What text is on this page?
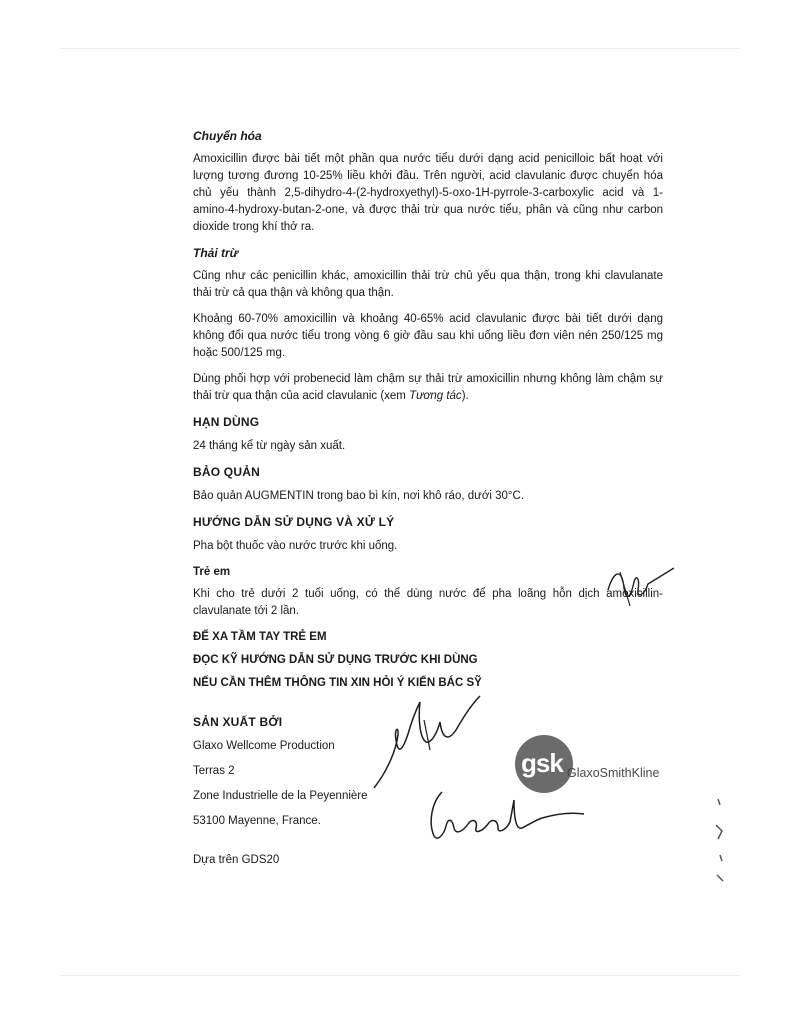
Chuyển hóa

Amoxicillin được bài tiết một phần qua nước tiểu dưới dạng acid penicilloic bất hoạt với lượng tương đương 10-25% liều khởi đầu. Trên người, acid clavulanic được chuyển hóa chủ yếu thành 2,5-dihydro-4-(2-hydroxyethyl)-5-oxo-1H-pyrrole-3-carboxylic acid và 1-amino-4-hydroxy-butan-2-one, và được thải trừ qua nước tiểu, phân và cũng như carbon dioxide trong khí thở ra.

Thải trừ

Cũng như các penicillin khác, amoxicillin thải trừ chủ yếu qua thận, trong khi clavulanate thải trừ cả qua thận và không qua thận.

Khoảng 60-70% amoxicillin và khoảng 40-65% acid clavulanic được bài tiết dưới dạng không đổi qua nước tiểu trong vòng 6 giờ đầu sau khi uống liều đơn viên nén 250/125 mg hoặc 500/125 mg.

Dùng phối hợp với probenecid làm chậm sự thải trừ amoxicillin nhưng không làm chậm sự thải trừ qua thận của acid clavulanic (xem Tương tác).

HẠN DÙNG

24 tháng kể từ ngày sản xuất.

BẢO QUẢN

Bảo quản AUGMENTIN trong bao bì kín, nơi khô ráo, dưới 30°C.

HƯỚNG DẪN SỬ DỤNG VÀ XỬ LÝ

Pha bột thuốc vào nước trước khi uống.

Trẻ em

Khi cho trẻ dưới 2 tuổi uống, có thể dùng nước để pha loãng hỗn dịch amoxicillin-clavulanate tới 2 lần.

ĐỂ XA TẦM TAY TRẺ EM

ĐỌC KỸ HƯỚNG DẪN SỬ DỤNG TRƯỚC KHI DÙNG

NẾU CẦN THÊM THÔNG TIN XIN HỎI Ý KIẾN BÁC SỸ

SẢN XUẤT BỞI

Glaxo Wellcome Production

Terras 2

Zone Industrielle de la Peyennière

53100 Mayenne, France.

Dựa trên GDS20

gsk GlaxoSmithKline
